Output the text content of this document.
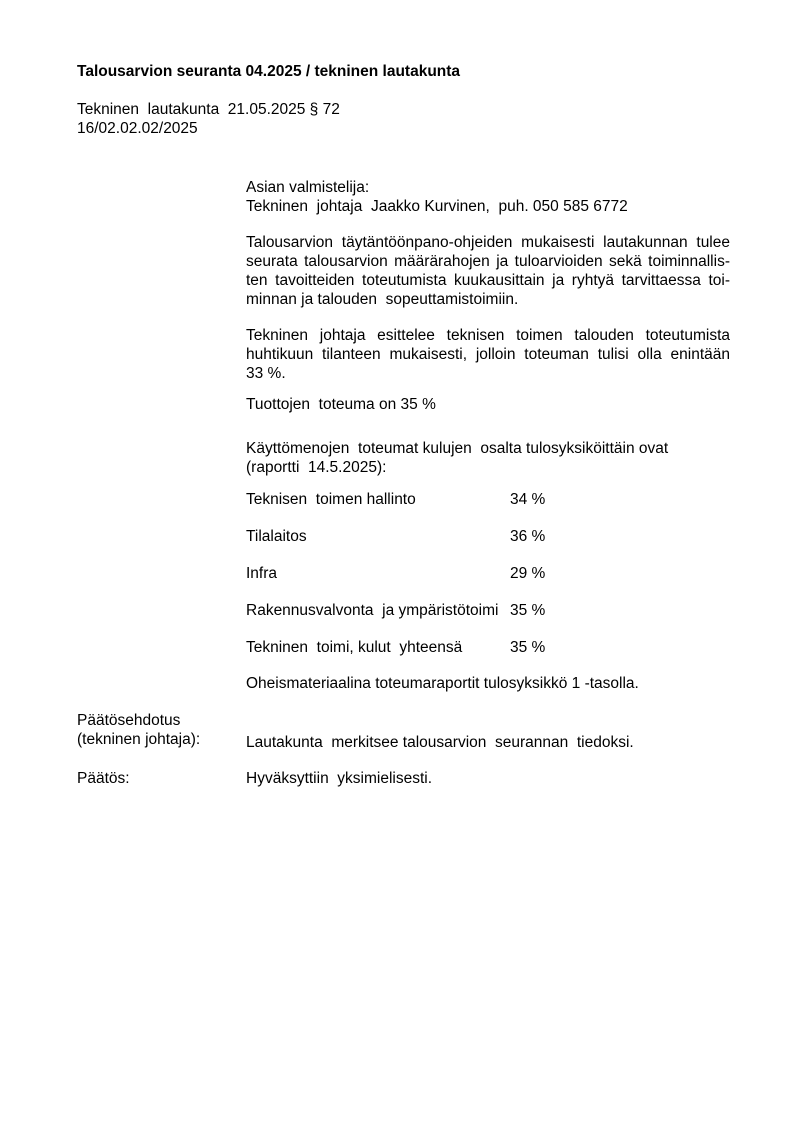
Talousarvion seuranta 04.2025 / tekninen lautakunta
Tekninen  lautakunta  21.05.2025 § 72
16/02.02.02/2025
Asian valmistelija:
Tekninen  johtaja  Jaakko Kurvinen,  puh. 050 585 6772
Talousarvion täytäntöönpano-ohjeiden mukaisesti lautakunnan tulee
seurata talousarvion määrärahojen ja tuloarvioiden sekä toiminnallis-
ten tavoitteiden toteutumista kuukausittain ja ryhtyä tarvittaessa toi-
minnan ja talouden  sopeuttamistoimiin.
Tekninen johtaja esittelee teknisen toimen talouden toteutumista
huhtikuun tilanteen mukaisesti, jolloin toteuman tulisi olla enintään
33 %.
Tuottojen  toteuma on 35 %
Käyttömenojen  toteumat kulujen  osalta tulosyksiköittäin ovat
(raportti  14.5.2025):
Teknisen  toimen hallinto	34 %
Tilalaitos	36 %
Infra	29 %
Rakennusvalvonta  ja ympäristötoimi 35 %
Tekninen  toimi, kulut  yhteensä	35 %
Oheismateriaalina toteumaraportit tulosyksikkö 1 -tasolla.
Päätösehdotus
(tekninen johtaja):	Lautakunta  merkitsee talousarvion  seurannan  tiedoksi.
Päätös:	Hyväksyttiin  yksimielisesti.
